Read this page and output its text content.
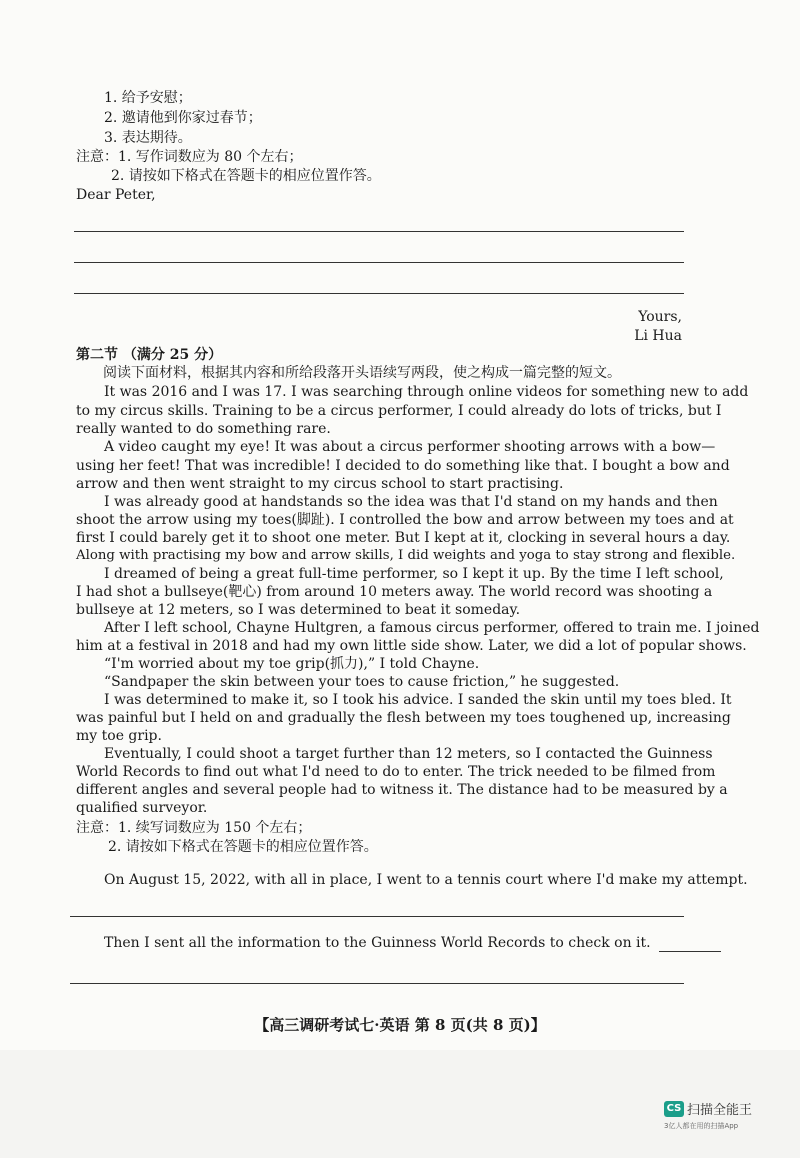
1. 给予安慰；
2. 邀请他到你家过春节；
3. 表达期待。
注意：1. 写作词数应为 80 个左右；
2. 请按如下格式在答题卡的相应位置作答。
Dear Peter,
Yours,
Li Hua
第二节 （满分 25 分）
阅读下面材料，根据其内容和所给段落开头语续写两段，使之构成一篇完整的短文。
It was 2016 and I was 17. I was searching through online videos for something new to add
to my circus skills. Training to be a circus performer, I could already do lots of tricks, but I
really wanted to do something rare.
A video caught my eye! It was about a circus performer shooting arrows with a bow—
using her feet! That was incredible! I decided to do something like that. I bought a bow and
arrow and then went straight to my circus school to start practising.
I was already good at handstands so the idea was that I'd stand on my hands and then
shoot the arrow using my toes(脚趾). I controlled the bow and arrow between my toes and at
first I could barely get it to shoot one meter. But I kept at it, clocking in several hours a day.
Along with practising my bow and arrow skills, I did weights and yoga to stay strong and flexible.
I dreamed of being a great full-time performer, so I kept it up. By the time I left school,
I had shot a bullseye(靶心) from around 10 meters away. The world record was shooting a
bullseye at 12 meters, so I was determined to beat it someday.
After I left school, Chayne Hultgren, a famous circus performer, offered to train me. I joined
him at a festival in 2018 and had my own little side show. Later, we did a lot of popular shows.
“I'm worried about my toe grip(抓力),” I told Chayne.
“Sandpaper the skin between your toes to cause friction,” he suggested.
I was determined to make it, so I took his advice. I sanded the skin until my toes bled. It
was painful but I held on and gradually the flesh between my toes toughened up, increasing
my toe grip.
Eventually, I could shoot a target further than 12 meters, so I contacted the Guinness
World Records to find out what I'd need to do to enter. The trick needed to be filmed from
different angles and several people had to witness it. The distance had to be measured by a
qualified surveyor.
注意：1. 续写词数应为 150 个左右；
2. 请按如下格式在答题卡的相应位置作答。
On August 15, 2022, with all in place, I went to a tennis court where I'd make my attempt.
Then I sent all the information to the Guinness World Records to check on it.
【高三调研考试七·英语 第 8 页(共 8 页)】
CS 扫描全能王
3亿人都在用的扫描App
